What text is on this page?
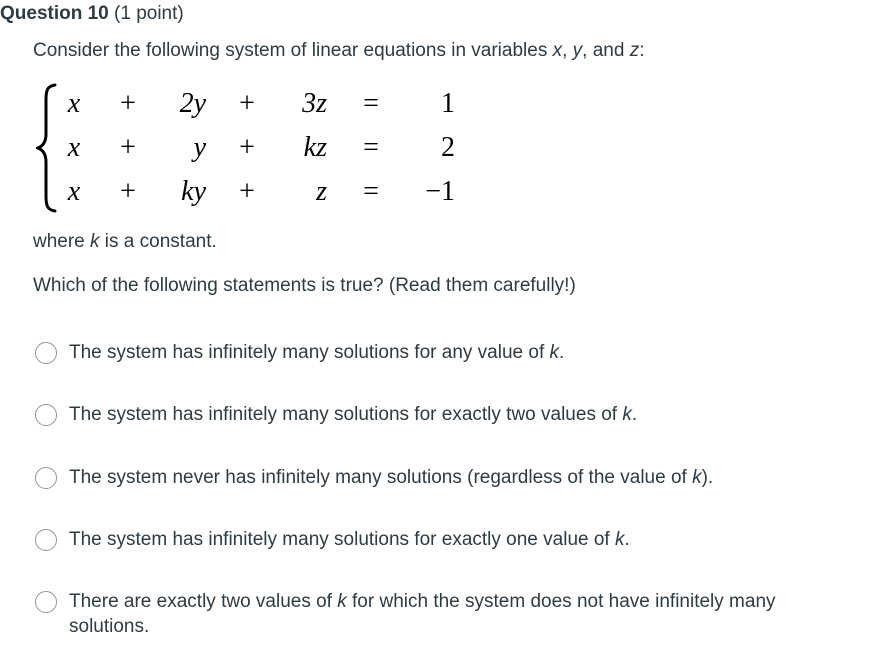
Question 10 (1 point)
Consider the following system of linear equations in variables x, y, and z:
x + 2y + 3z = 1
x + y + kz = 2
x + ky + z = −1
where k is a constant.
Which of the following statements is true? (Read them carefully!)
The system has infinitely many solutions for any value of k.
The system has infinitely many solutions for exactly two values of k.
The system never has infinitely many solutions (regardless of the value of k).
The system has infinitely many solutions for exactly one value of k.
There are exactly two values of k for which the system does not have infinitely many solutions.
